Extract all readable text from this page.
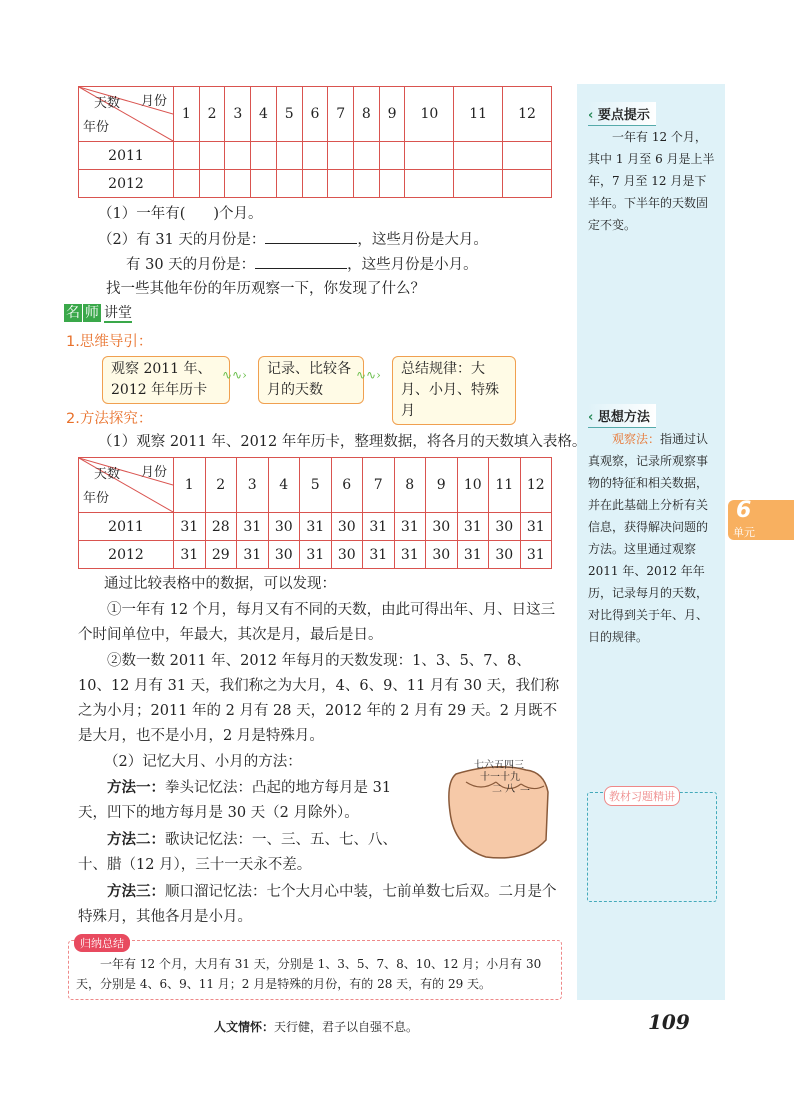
天数 月份
年份	1	2	3	4	5	6	7	8	9	10	11	12
2011												
2012												
（1）一年有( )个月。
（2）有 31 天的月份是：	，这些月份是大月。
有 30 天的月份是：	，这些月份是小月。
找一些其他年份的年历观察一下，你发现了什么？
名 师 讲堂
1.思维导引：
观察 2011 年、2012 年年历卡
∿∿›	记录、比较各月的天数
∿∿›	总结规律：大月、小月、特殊月
2.方法探究：
（1）观察 2011 年、2012 年年历卡，整理数据，将各月的天数填入表格。
天数 月份
年份	1	2	3	4	5	6	7	8	9	10	11	12
2011	31	28	31	30	31	30	31	31	30	31	30	31
2012	31	29	31	30	31	30	31	31	30	31	30	31
通过比较表格中的数据，可以发现：
①一年有 12 个月，每月又有不同的天数，由此可得出年、月、日这三个时间单位中，年最大，其次是月，最后是日。
②数一数 2011 年、2012 年每月的天数发现：1、3、5、7、8、10、12 月有 31 天，我们称之为大月，4、6、9、11 月有 30 天，我们称之为小月；2011 年的 2 月有 28 天，2012 年的 2 月有 29 天。2 月既不是大月，也不是小月，2 月是特殊月。
（2）记忆大月、小月的方法：
方法一：拳头记忆法：凸起的地方每月是 31 天，凹下的地方每月是 30 天（2 月除外）。
方法二：歌诀记忆法：一、三、五、七、八、十、腊（12 月），三十一天永不差。
方法三：顺口溜记忆法：七个大月心中装，七前单数七后双。二月是个特殊月，其他各月是小月。
七六五四三
十一十九
二 八 一
归纳总结
一年有 12 个月，大月有 31 天，分别是 1、3、5、7、8、10、12 月；小月有 30 天，分别是 4、6、9、11 月；2 月是特殊的月份，有的 28 天，有的 29 天。
‹ 要点提示
一年有 12 个月，其中 1 月至 6 月是上半年，7 月至 12 月是下半年。下半年的天数固定不变。
‹ 思想方法
观察法：指通过认真观察，记录所观察事物的特征和相关数据，并在此基础上分析有关信息，获得解决问题的方法。这里通过观察 2011 年、2012 年年历，记录每月的天数，对比得到关于年、月、日的规律。
教材习题精讲
6
单元
人文情怀：天行健，君子以自强不息。	109
